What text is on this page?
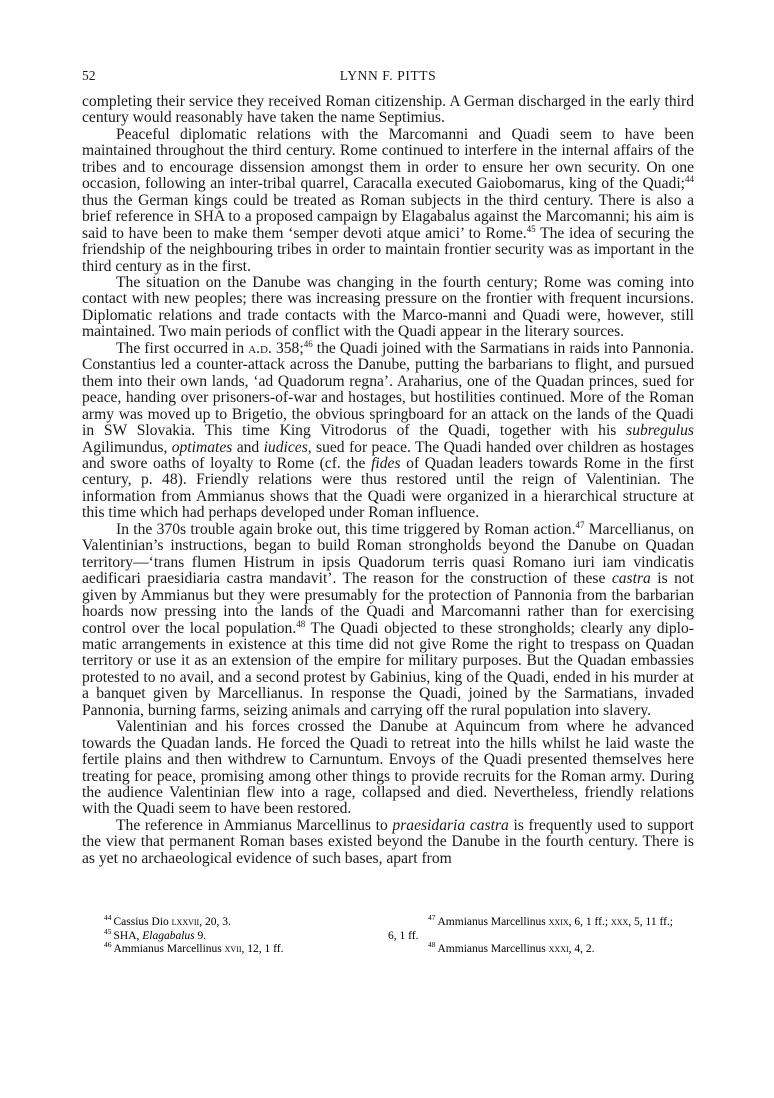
52	LYNN F. PITTS

completing their service they received Roman citizenship. A German discharged in the early third century would reasonably have taken the name Septimius.

Peaceful diplomatic relations with the Marcomanni and Quadi seem to have been maintained throughout the third century. Rome continued to interfere in the internal affairs of the tribes and to encourage dissension amongst them in order to ensure her own security. On one occasion, following an inter-tribal quarrel, Caracalla executed Gaiobomarus, king of the Quadi;$^{44}$ thus the German kings could be treated as Roman subjects in the third century. There is also a brief reference in SHA to a proposed campaign by Elagabalus against the Marcomanni; his aim is said to have been to make them ‘semper devoti atque amici’ to Rome.$^{45}$ The idea of securing the friendship of the neighbouring tribes in order to maintain frontier security was as important in the third century as in the first.

The situation on the Danube was changing in the fourth century; Rome was coming into contact with new peoples; there was increasing pressure on the frontier with frequent incursions. Diplomatic relations and trade contacts with the Marco-manni and Quadi were, however, still maintained. Two main periods of conflict with the Quadi appear in the literary sources.

The first occurred in a.d. 358;$^{46}$ the Quadi joined with the Sarmatians in raids into Pannonia. Constantius led a counter-attack across the Danube, putting the barbarians to flight, and pursued them into their own lands, ‘ad Quadorum regna’. Araharius, one of the Quadan princes, sued for peace, handing over prisoners-of-war and hostages, but hostilities continued. More of the Roman army was moved up to Brigetio, the obvious springboard for an attack on the lands of the Quadi in SW Slovakia. This time King Vitrodorus of the Quadi, together with his subregulus Agilimundus, optimates and iudices, sued for peace. The Quadi handed over children as hostages and swore oaths of loyalty to Rome (cf. the fides of Quadan leaders towards Rome in the first century, p. 48). Friendly relations were thus restored until the reign of Valentinian. The information from Ammianus shows that the Quadi were organized in a hierarchical structure at this time which had perhaps developed under Roman influence.

In the 370s trouble again broke out, this time triggered by Roman action.$^{47}$ Marcellianus, on Valentinian’s instructions, began to build Roman strongholds beyond the Danube on Quadan territory—‘trans flumen Histrum in ipsis Quadorum terris quasi Romano iuri iam vindicatis aedificari praesidiaria castra mandavit’. The reason for the construction of these castra is not given by Ammianus but they were presumably for the protection of Pannonia from the barbarian hoards now pressing into the lands of the Quadi and Marcomanni rather than for exercising control over the local population.$^{48}$ The Quadi objected to these strongholds; clearly any diplo-matic arrangements in existence at this time did not give Rome the right to trespass on Quadan territory or use it as an extension of the empire for military purposes. But the Quadan embassies protested to no avail, and a second protest by Gabinius, king of the Quadi, ended in his murder at a banquet given by Marcellianus. In response the Quadi, joined by the Sarmatians, invaded Pannonia, burning farms, seizing animals and carrying off the rural population into slavery.

Valentinian and his forces crossed the Danube at Aquincum from where he advanced towards the Quadan lands. He forced the Quadi to retreat into the hills whilst he laid waste the fertile plains and then withdrew to Carnuntum. Envoys of the Quadi presented themselves here treating for peace, promising among other things to provide recruits for the Roman army. During the audience Valentinian flew into a rage, collapsed and died. Nevertheless, friendly relations with the Quadi seem to have been restored.

The reference in Ammianus Marcellinus to praesidaria castra is frequently used to support the view that permanent Roman bases existed beyond the Danube in the fourth century. There is as yet no archaeological evidence of such bases, apart from

$^{44}$ Cassius Dio lxxvii, 20, 3.
$^{45}$ SHA, Elagabalus 9.
$^{46}$ Ammianus Marcellinus xvii, 12, 1 ff.
$^{47}$ Ammianus Marcellinus xxix, 6, 1 ff.; xxx, 5, 11 ff.;
6, 1 ff.
$^{48}$ Ammianus Marcellinus xxxi, 4, 2.
